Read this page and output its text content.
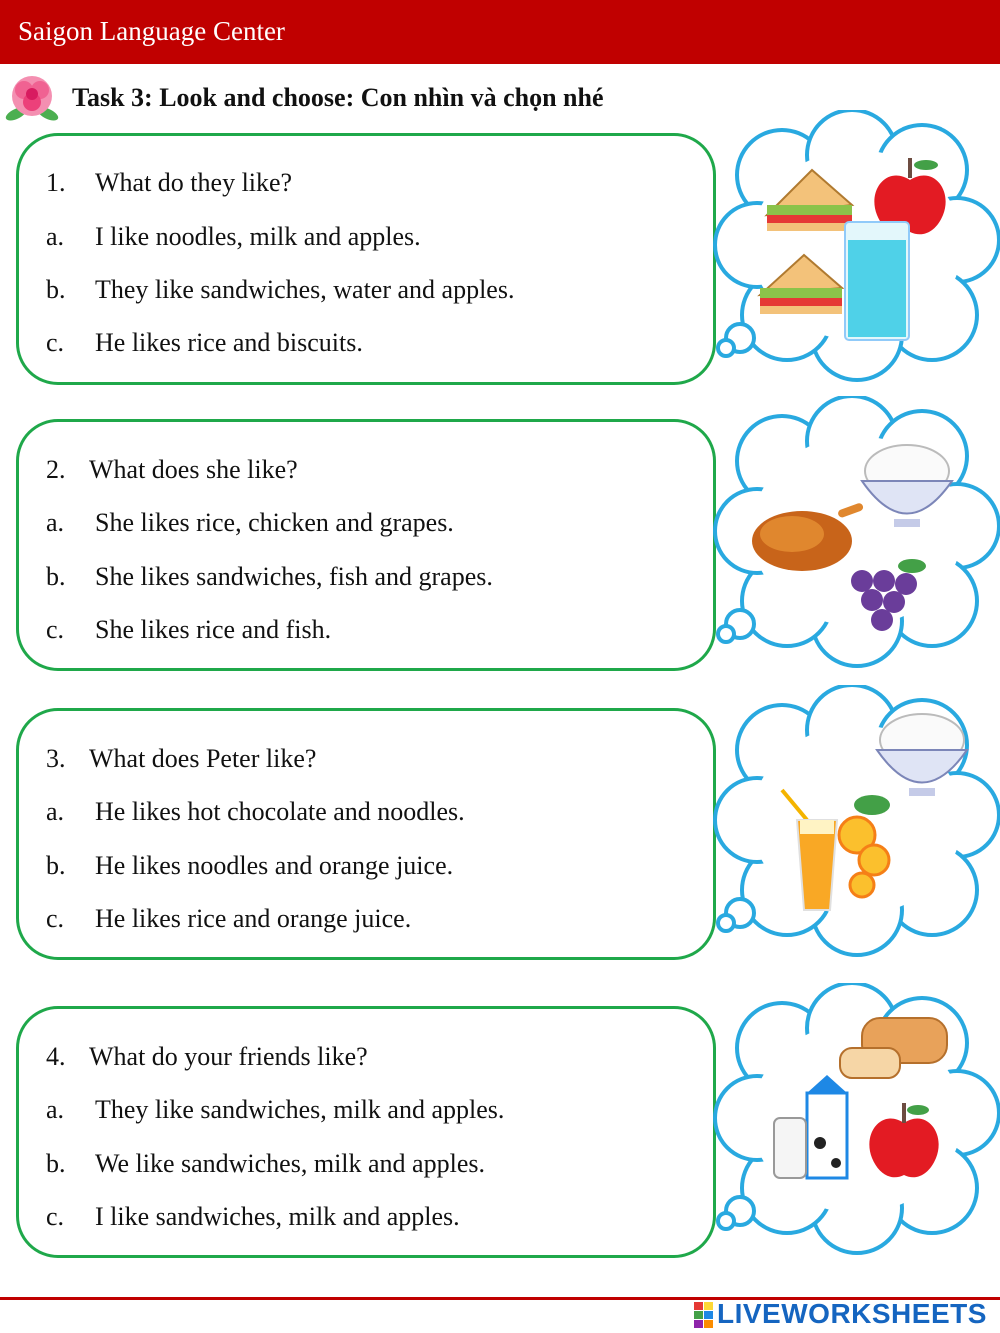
Saigon Language Center
Task 3: Look and choose: Con nhìn và chọn nhé
1. What do they like?
a. I like noodles, milk and apples.
b. They like sandwiches, water and apples.
c. He likes rice and biscuits.
2. What does she like?
a. She likes rice, chicken and grapes.
b. She likes sandwiches, fish and grapes.
c. She likes rice and fish.
3. What does Peter like?
a. He likes hot chocolate and noodles.
b. He likes noodles and orange juice.
c. He likes rice and orange juice.
4. What do your friends like?
a. They like sandwiches, milk and apples.
b. We like sandwiches, milk and apples.
c. I like sandwiches, milk and apples.
LIVEWORKSHEETS
